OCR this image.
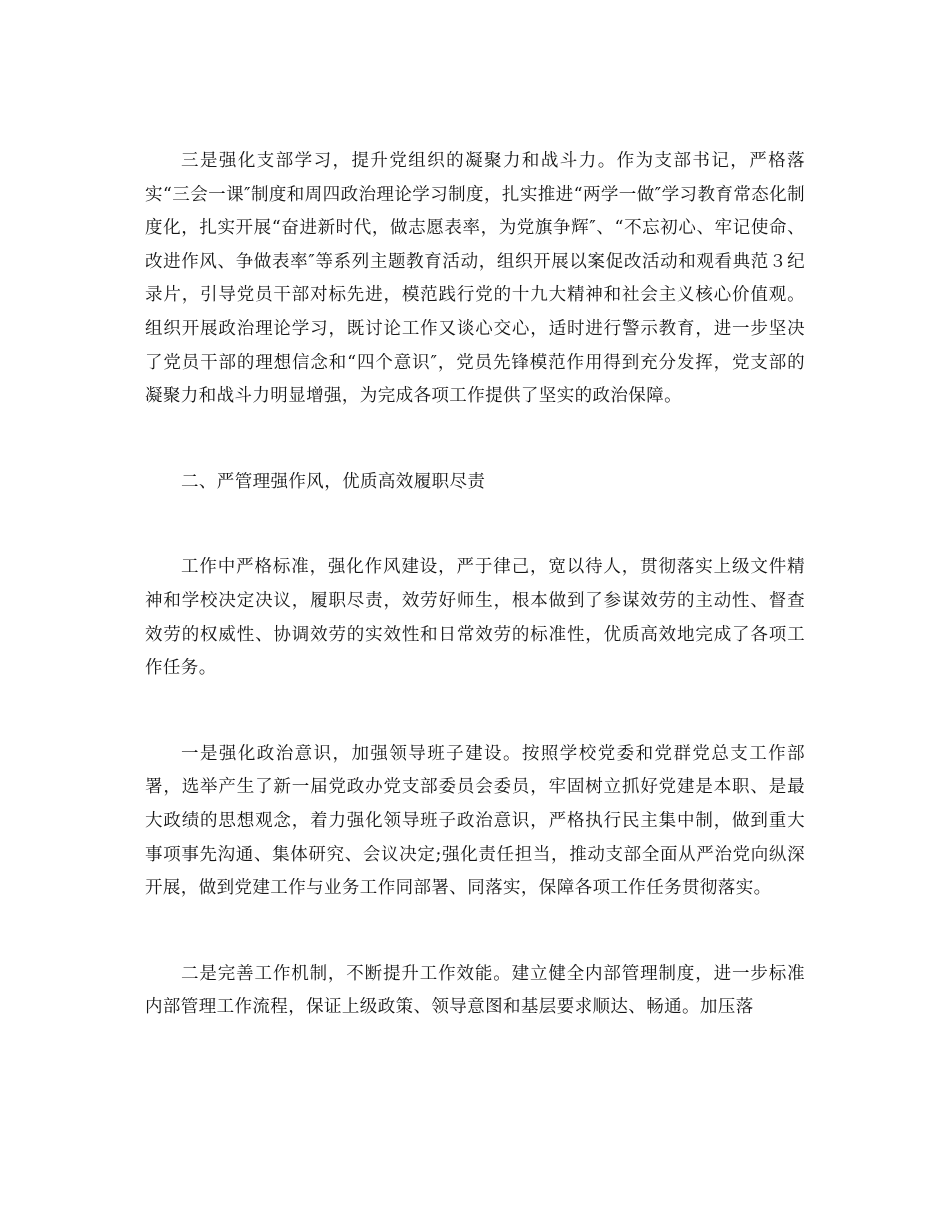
三是强化支部学习，提升党组织的凝聚力和战斗力。作为支部书记，严格落实“三会一课″制度和周四政治理论学习制度，扎实推进“两学一做″学习教育常态化制度化，扎实开展“奋进新时代，做志愿表率，为党旗争辉″、“不忘初心、牢记使命、改进作风、争做表率″等系列主题教育活动，组织开展以案促改活动和观看典范３纪录片，引导党员干部对标先进，模范践行党的十九大精神和社会主义核心价值观。组织开展政治理论学习，既讨论工作又谈心交心，适时进行警示教育，进一步坚决了党员干部的理想信念和“四个意识″，党员先锋模范作用得到充分发挥，党支部的凝聚力和战斗力明显增强，为完成各项工作提供了坚实的政治保障。

二、严管理强作风，优质高效履职尽责

工作中严格标准，强化作风建设，严于律己，宽以待人，贯彻落实上级文件精神和学校决定决议，履职尽责，效劳好师生，根本做到了参谋效劳的主动性、督查效劳的权威性、协调效劳的实效性和日常效劳的标准性，优质高效地完成了各项工作任务。

一是强化政治意识，加强领导班子建设。按照学校党委和党群党总支工作部署，选举产生了新一届党政办党支部委员会委员，牢固树立抓好党建是本职、是最大政绩的思想观念，着力强化领导班子政治意识，严格执行民主集中制，做到重大事项事先沟通、集体研究、会议决定;强化责任担当，推动支部全面从严治党向纵深开展，做到党建工作与业务工作同部署、同落实，保障各项工作任务贯彻落实。

二是完善工作机制，不断提升工作效能。建立健全内部管理制度，进一步标准内部管理工作流程，保证上级政策、领导意图和基层要求顺达、畅通。加压落
